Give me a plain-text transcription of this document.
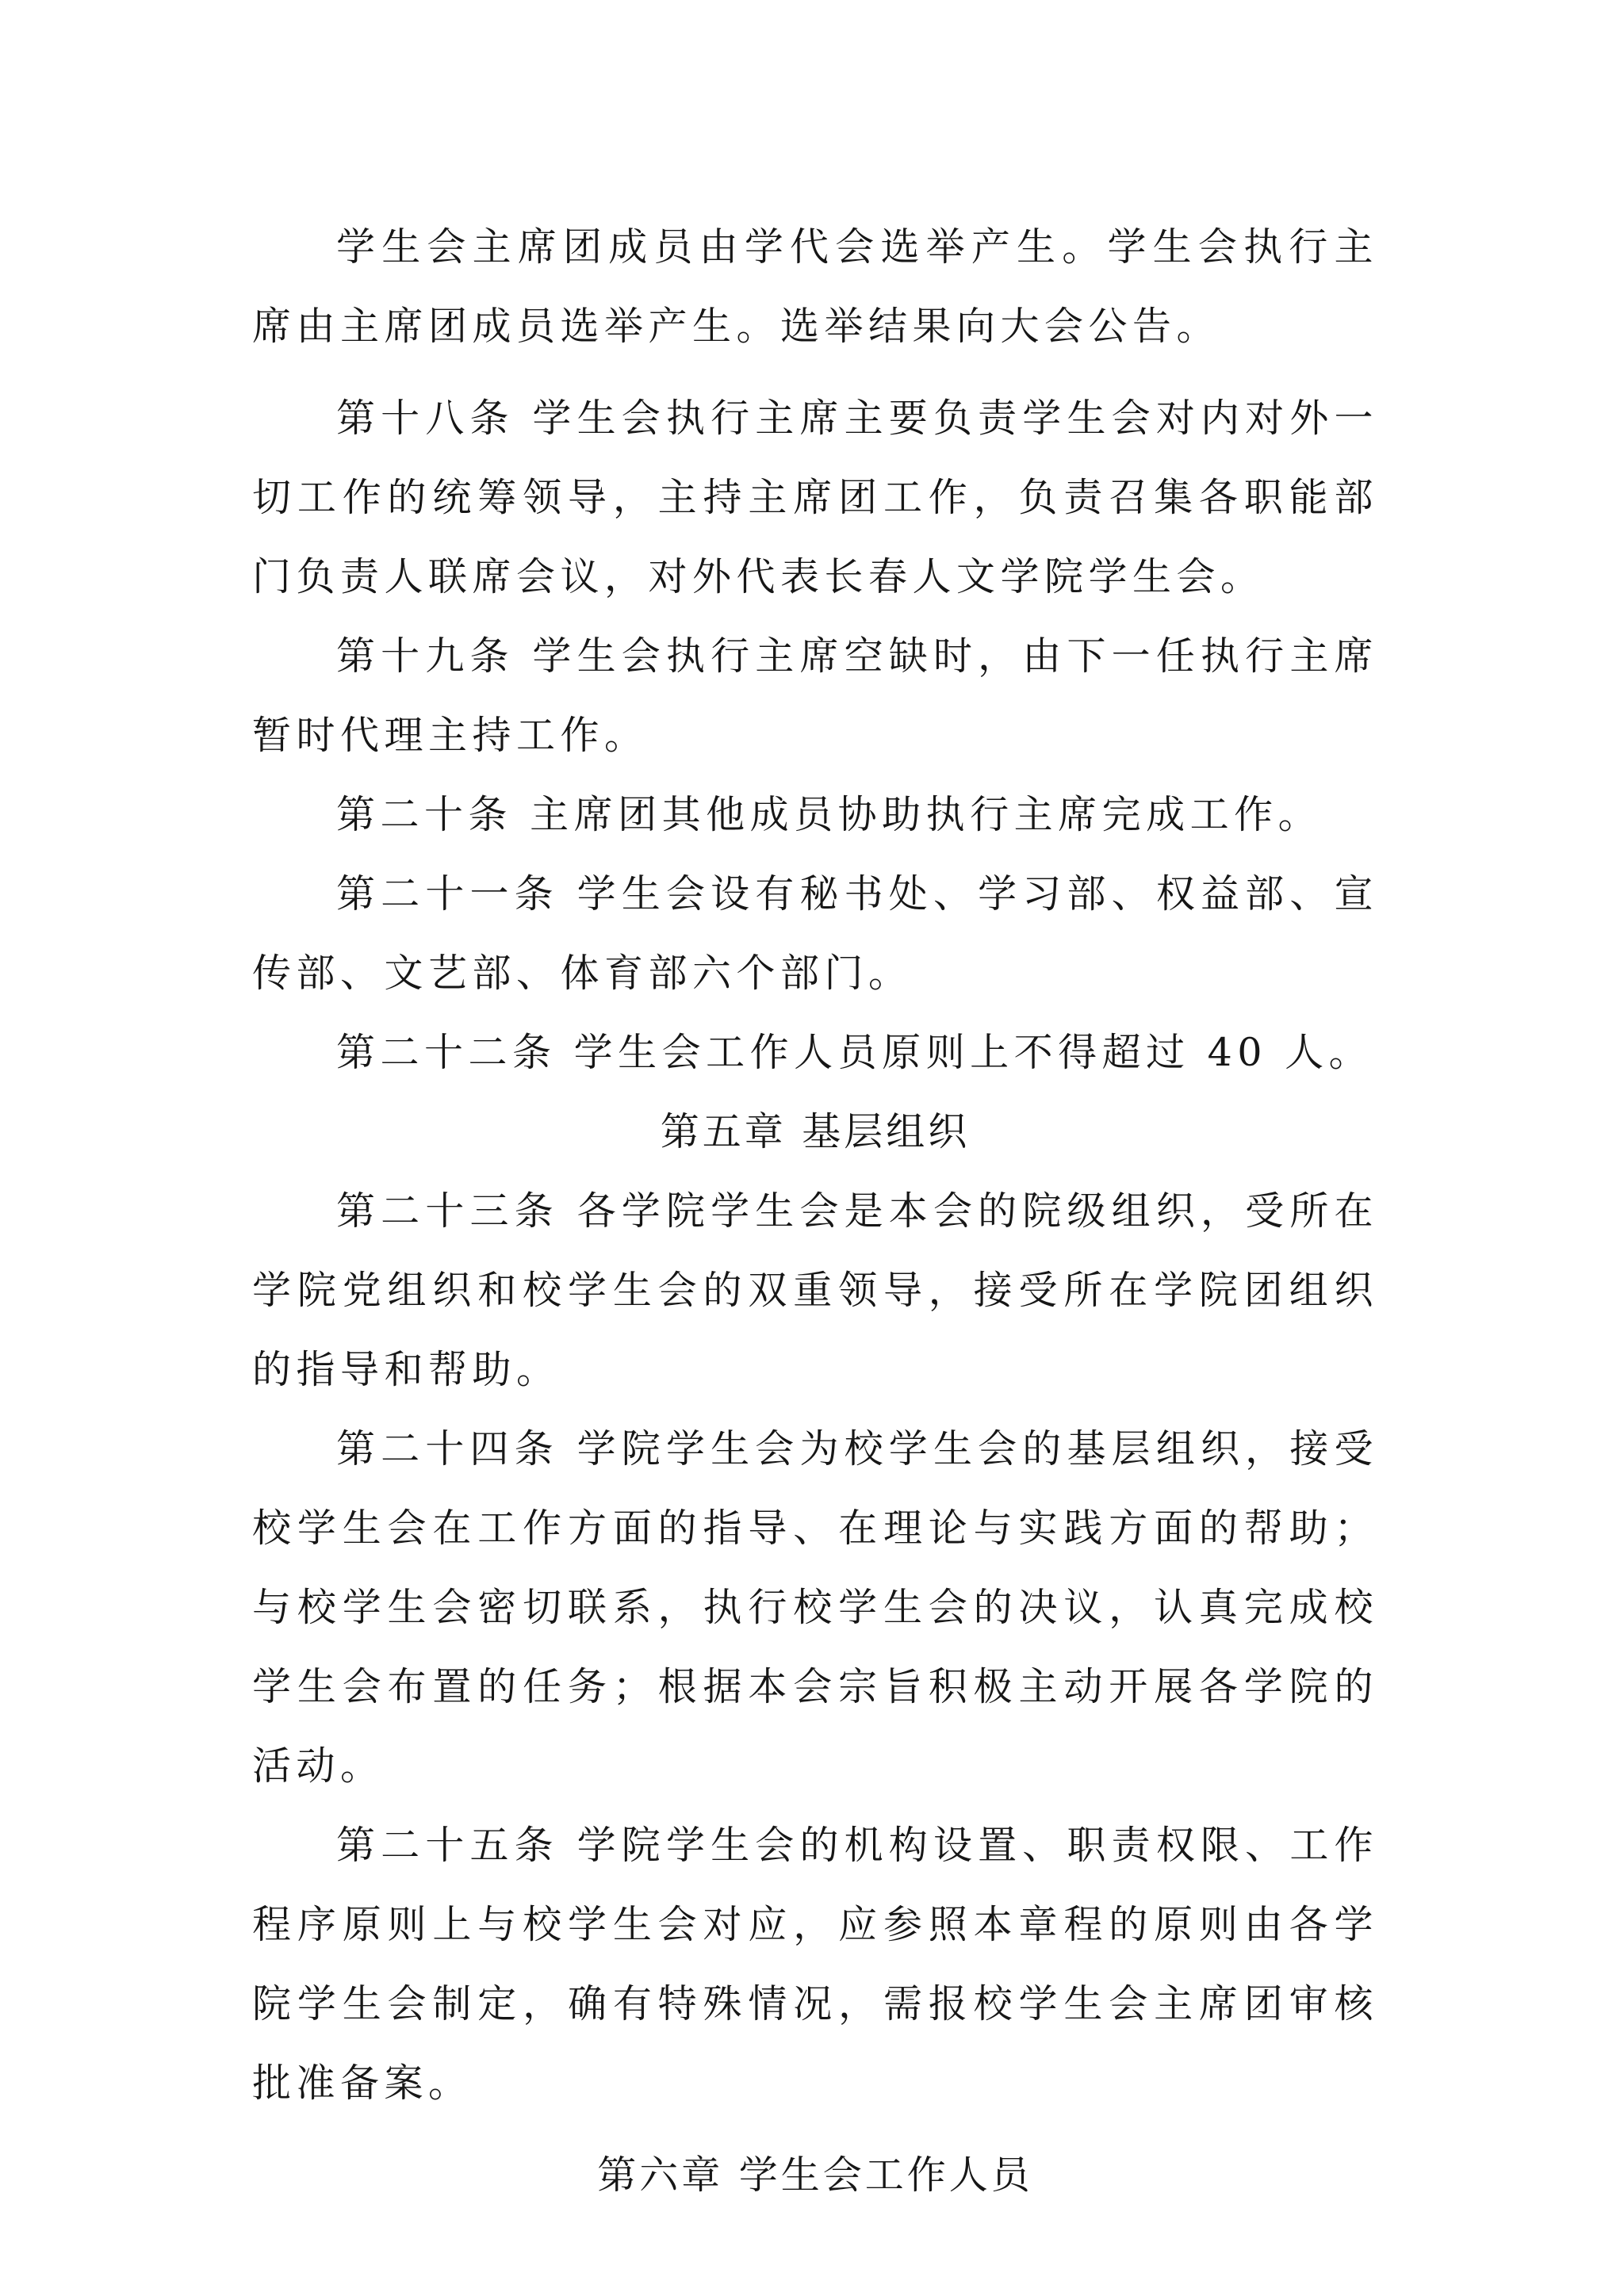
学生会主席团成员由学代会选举产生。学生会执行主席由主席团成员选举产生。选举结果向大会公告。

第十八条 学生会执行主席主要负责学生会对内对外一切工作的统筹领导，主持主席团工作，负责召集各职能部门负责人联席会议，对外代表长春人文学院学生会。

第十九条 学生会执行主席空缺时，由下一任执行主席暂时代理主持工作。

第二十条 主席团其他成员协助执行主席完成工作。

第二十一条 学生会设有秘书处、学习部、权益部、宣传部、文艺部、体育部六个部门。

第二十二条 学生会工作人员原则上不得超过 40 人。

第五章 基层组织

第二十三条 各学院学生会是本会的院级组织，受所在学院党组织和校学生会的双重领导，接受所在学院团组织的指导和帮助。

第二十四条 学院学生会为校学生会的基层组织，接受校学生会在工作方面的指导、在理论与实践方面的帮助；与校学生会密切联系，执行校学生会的决议，认真完成校学生会布置的任务；根据本会宗旨积极主动开展各学院的活动。

第二十五条 学院学生会的机构设置、职责权限、工作程序原则上与校学生会对应，应参照本章程的原则由各学院学生会制定，确有特殊情况，需报校学生会主席团审核批准备案。

第六章 学生会工作人员
